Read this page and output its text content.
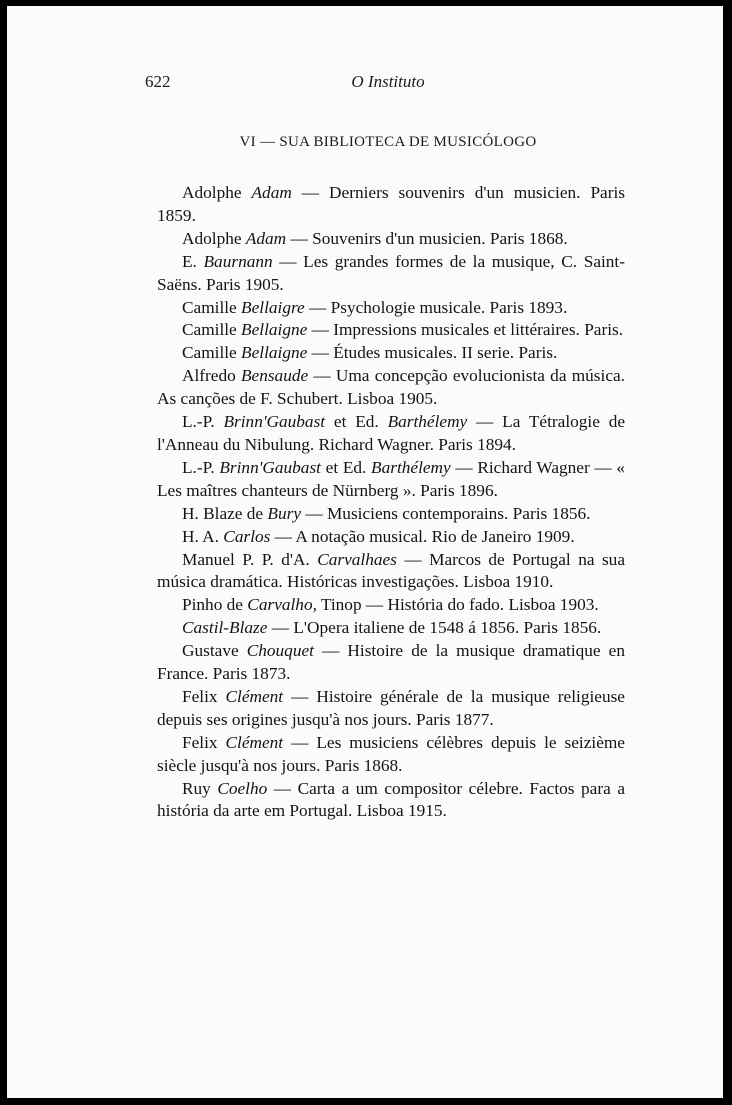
622	O Instituto
VI — SUA BIBLIOTECA DE MUSICÓLOGO

Adolphe Adam — Derniers souvenirs d'un musicien. Paris 1859.

Adolphe Adam — Souvenirs d'un musicien. Paris 1868.

E. Baurnann — Les grandes formes de la musique, C. Saint-Saëns. Paris 1905.

Camille Bellaigre — Psychologie musicale. Paris 1893.

Camille Bellaigne — Impressions musicales et littéraires. Paris.

Camille Bellaigne — Études musicales. II serie. Paris.

Alfredo Bensaude — Uma concepção evolucionista da música. As canções de F. Schubert. Lisboa 1905.

L.-P. Brinn'Gaubast et Ed. Barthélemy — La Tétralogie de l'Anneau du Nibulung. Richard Wagner. Paris 1894.

L.-P. Brinn'Gaubast et Ed. Barthélemy — Richard Wagner — « Les maîtres chanteurs de Nürnberg ». Paris 1896.

H. Blaze de Bury — Musiciens contemporains. Paris 1856.

H. A. Carlos — A notação musical. Rio de Janeiro 1909.

Manuel P. P. d'A. Carvalhaes — Marcos de Portugal na sua música dramática. Históricas investigações. Lisboa 1910.

Pinho de Carvalho, Tinop — História do fado. Lisboa 1903.

Castil-Blaze — L'Opera italiene de 1548 á 1856. Paris 1856.

Gustave Chouquet — Histoire de la musique dramatique en France. Paris 1873.

Felix Clément — Histoire générale de la musique religieuse depuis ses origines jusqu'à nos jours. Paris 1877.

Felix Clément — Les musiciens célèbres depuis le seizième siècle jusqu'à nos jours. Paris 1868.

Ruy Coelho — Carta a um compositor célebre. Factos para a história da arte em Portugal. Lisboa 1915.
